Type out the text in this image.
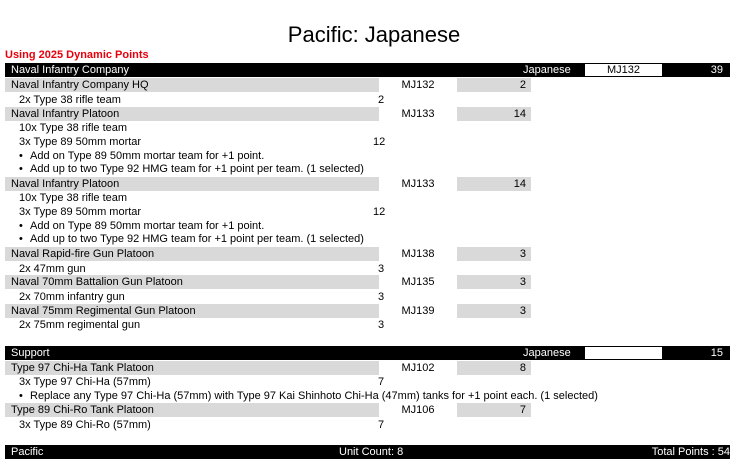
Pacific: Japanese
Using 2025 Dynamic Points
Naval Infantry Company	Japanese	MJ132	39
Naval Infantry Company HQ	MJ132	2
2x Type 38 rifle team	2
Naval Infantry Platoon	MJ133	14
10x Type 38 rifle team
3x Type 89 50mm mortar	12
• Add on Type 89 50mm mortar team for +1 point.
• Add up to two Type 92 HMG team for +1 point per team. (1 selected)
Naval Infantry Platoon	MJ133	14
10x Type 38 rifle team
3x Type 89 50mm mortar	12
• Add on Type 89 50mm mortar team for +1 point.
• Add up to two Type 92 HMG team for +1 point per team. (1 selected)
Naval Rapid-fire Gun Platoon	MJ138	3
2x 47mm gun	3
Naval 70mm Battalion Gun Platoon	MJ135	3
2x 70mm infantry gun	3
Naval 75mm Regimental Gun Platoon	MJ139	3
2x 75mm regimental gun	3
Support	Japanese	15
Type 97 Chi-Ha Tank Platoon	MJ102	8
3x Type 97 Chi-Ha (57mm)	7
• Replace any Type 97 Chi-Ha (57mm) with Type 97 Kai Shinhoto Chi-Ha (47mm) tanks for +1 point each. (1 selected)
Type 89 Chi-Ro Tank Platoon	MJ106	7
3x Type 89 Chi-Ro (57mm)	7
Pacific	Unit Count: 8	Total Points : 54
